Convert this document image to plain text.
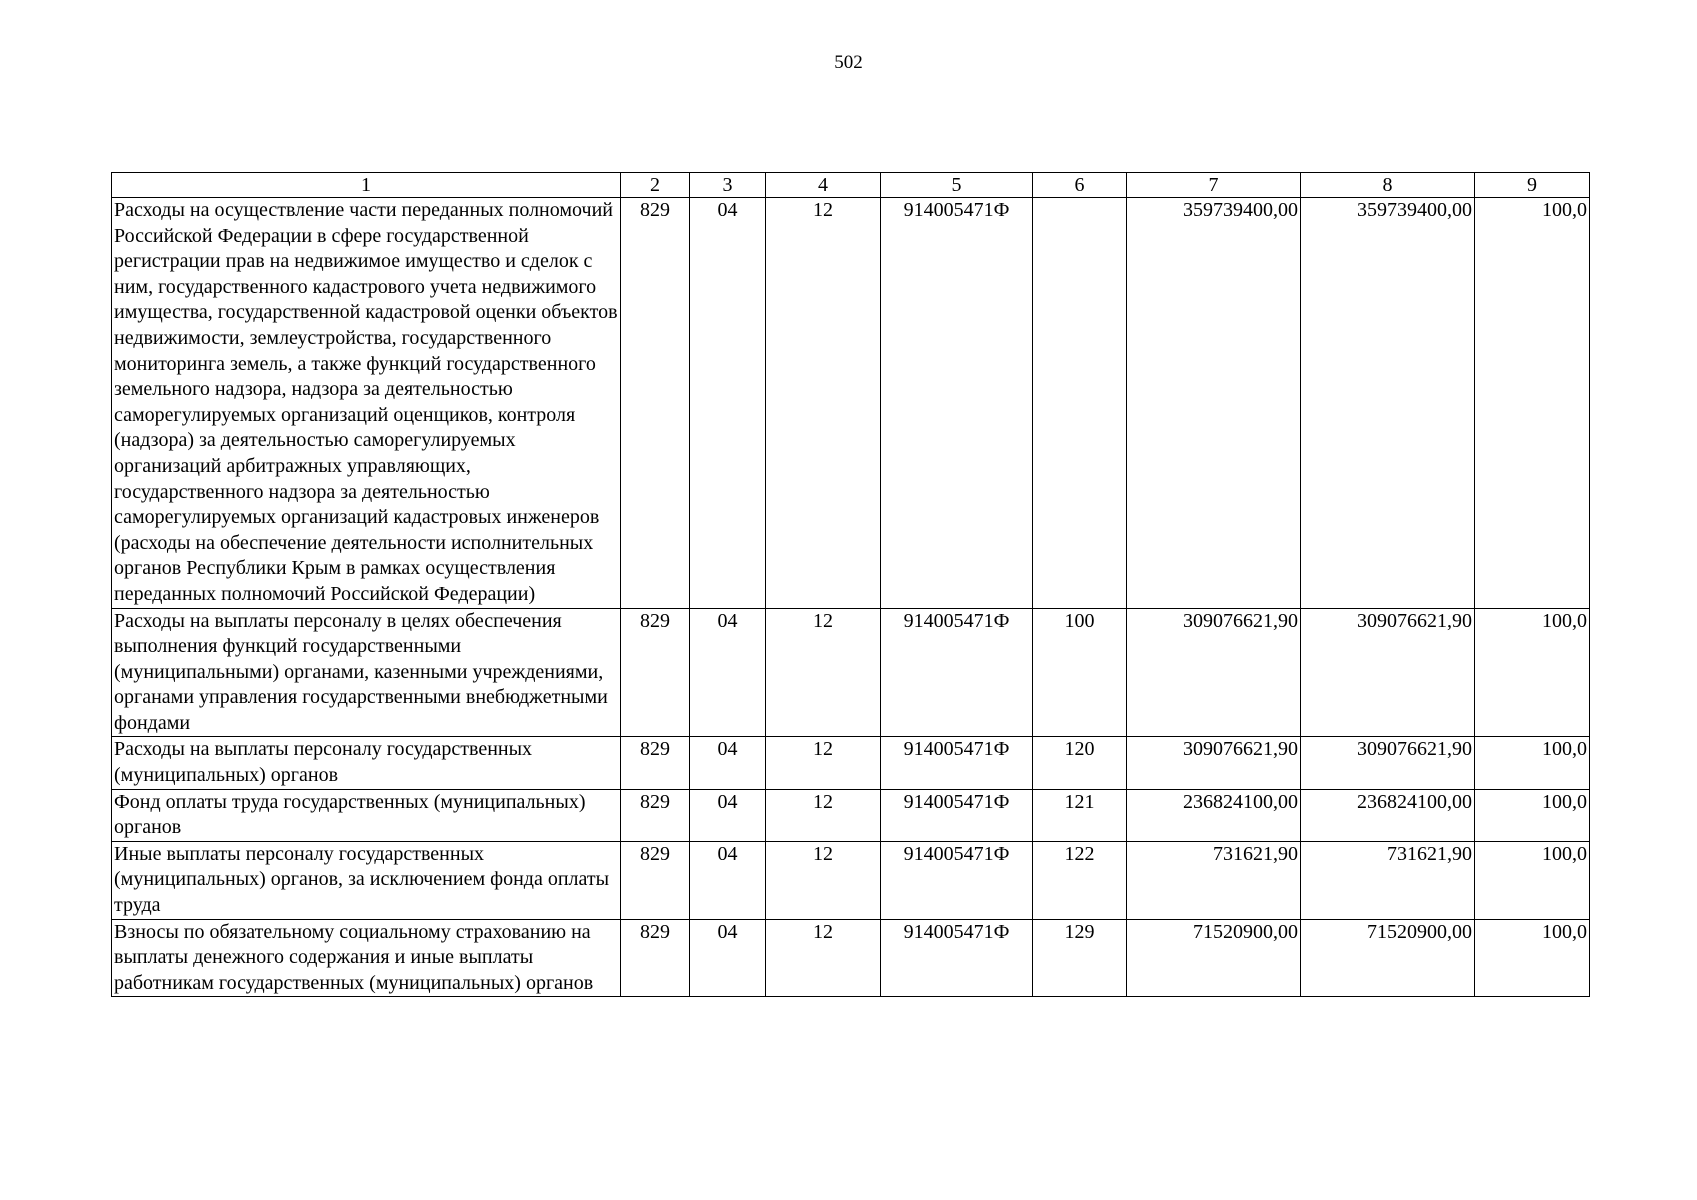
502
1	2	3	4	5	6	7	8	9
Расходы на осуществление части переданных полномочий Российской Федерации в сфере государственной регистрации прав на недвижимое имущество и сделок с ним, государственного кадастрового учета недвижимого имущества, государственной кадастровой оценки объектов недвижимости, землеустройства, государственного мониторинга земель, а также функций государственного земельного надзора, надзора за деятельностью саморегулируемых организаций оценщиков, контроля (надзора) за деятельностью саморегулируемых организаций арбитражных управляющих, государственного надзора за деятельностью саморегулируемых организаций кадастровых инженеров (расходы на обеспечение деятельности исполнительных органов Республики Крым в рамках осуществления переданных полномочий Российской Федерации)	829	04	12	914005471Ф		359739400,00	359739400,00	100,0
Расходы на выплаты персоналу в целях обеспечения выполнения функций государственными (муниципальными) органами, казенными учреждениями, органами управления государственными внебюджетными фондами	829	04	12	914005471Ф	100	309076621,90	309076621,90	100,0
Расходы на выплаты персоналу государственных (муниципальных) органов	829	04	12	914005471Ф	120	309076621,90	309076621,90	100,0
Фонд оплаты труда государственных (муниципальных) органов	829	04	12	914005471Ф	121	236824100,00	236824100,00	100,0
Иные выплаты персоналу государственных (муниципальных) органов, за исключением фонда оплаты труда	829	04	12	914005471Ф	122	731621,90	731621,90	100,0
Взносы по обязательному социальному страхованию на выплаты денежного содержания и иные выплаты работникам государственных (муниципальных) органов	829	04	12	914005471Ф	129	71520900,00	71520900,00	100,0
